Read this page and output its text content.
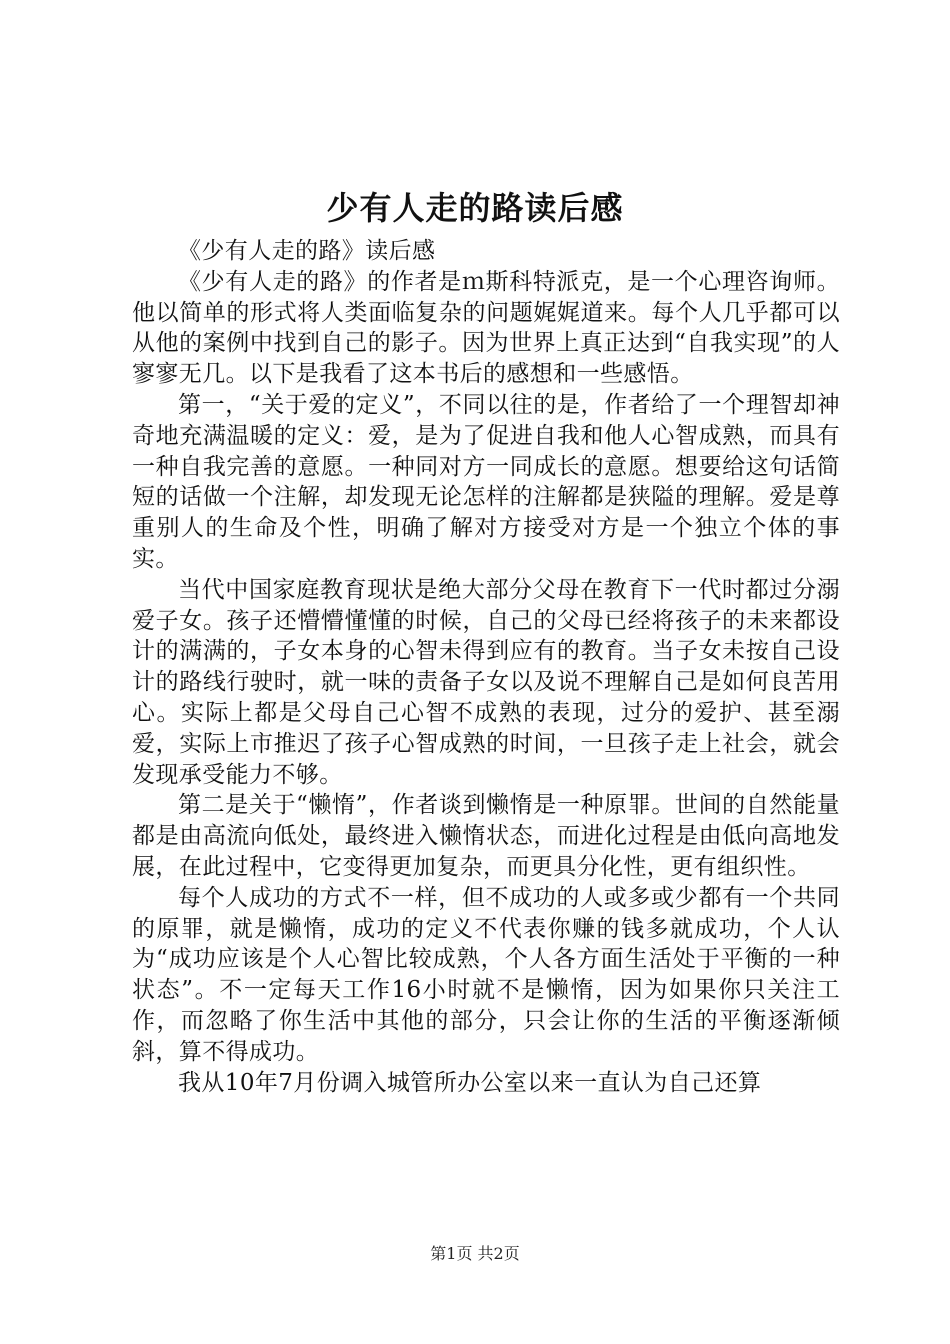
少有人走的路读后感

《少有人走的路》读后感

《少有人走的路》的作者是ｍ斯科特派克，是一个心理咨询师。他以简单的形式将人类面临复杂的问题娓娓道来。每个人几乎都可以从他的案例中找到自己的影子。因为世界上真正达到“自我实现”的人寥寥无几。以下是我看了这本书后的感想和一些感悟。

第一，“关于爱的定义”，不同以往的是，作者给了一个理智却神奇地充满温暖的定义：爱，是为了促进自我和他人心智成熟，而具有一种自我完善的意愿。一种同对方一同成长的意愿。想要给这句话简短的话做一个注解，却发现无论怎样的注解都是狭隘的理解。爱是尊重别人的生命及个性，明确了解对方接受对方是一个独立个体的事实。

当代中国家庭教育现状是绝大部分父母在教育下一代时都过分溺爱子女。孩子还懵懵懂懂的时候，自己的父母已经将孩子的未来都设计的满满的，子女本身的心智未得到应有的教育。当子女未按自己设计的路线行驶时，就一味的责备子女以及说不理解自己是如何良苦用心。实际上都是父母自己心智不成熟的表现，过分的爱护、甚至溺爱，实际上市推迟了孩子心智成熟的时间，一旦孩子走上社会，就会发现承受能力不够。

第二是关于“懒惰”，作者谈到懒惰是一种原罪。世间的自然能量都是由高流向低处，最终进入懒惰状态，而进化过程是由低向高地发展，在此过程中，它变得更加复杂，而更具分化性，更有组织性。

每个人成功的方式不一样，但不成功的人或多或少都有一个共同的原罪，就是懒惰，成功的定义不代表你赚的钱多就成功，个人认为“成功应该是个人心智比较成熟，个人各方面生活处于平衡的一种状态”。不一定每天工作16小时就不是懒惰，因为如果你只关注工作，而忽略了你生活中其他的部分，只会让你的生活的平衡逐渐倾斜，算不得成功。

我从10年7月份调入城管所办公室以来一直认为自己还算

第1页 共2页
